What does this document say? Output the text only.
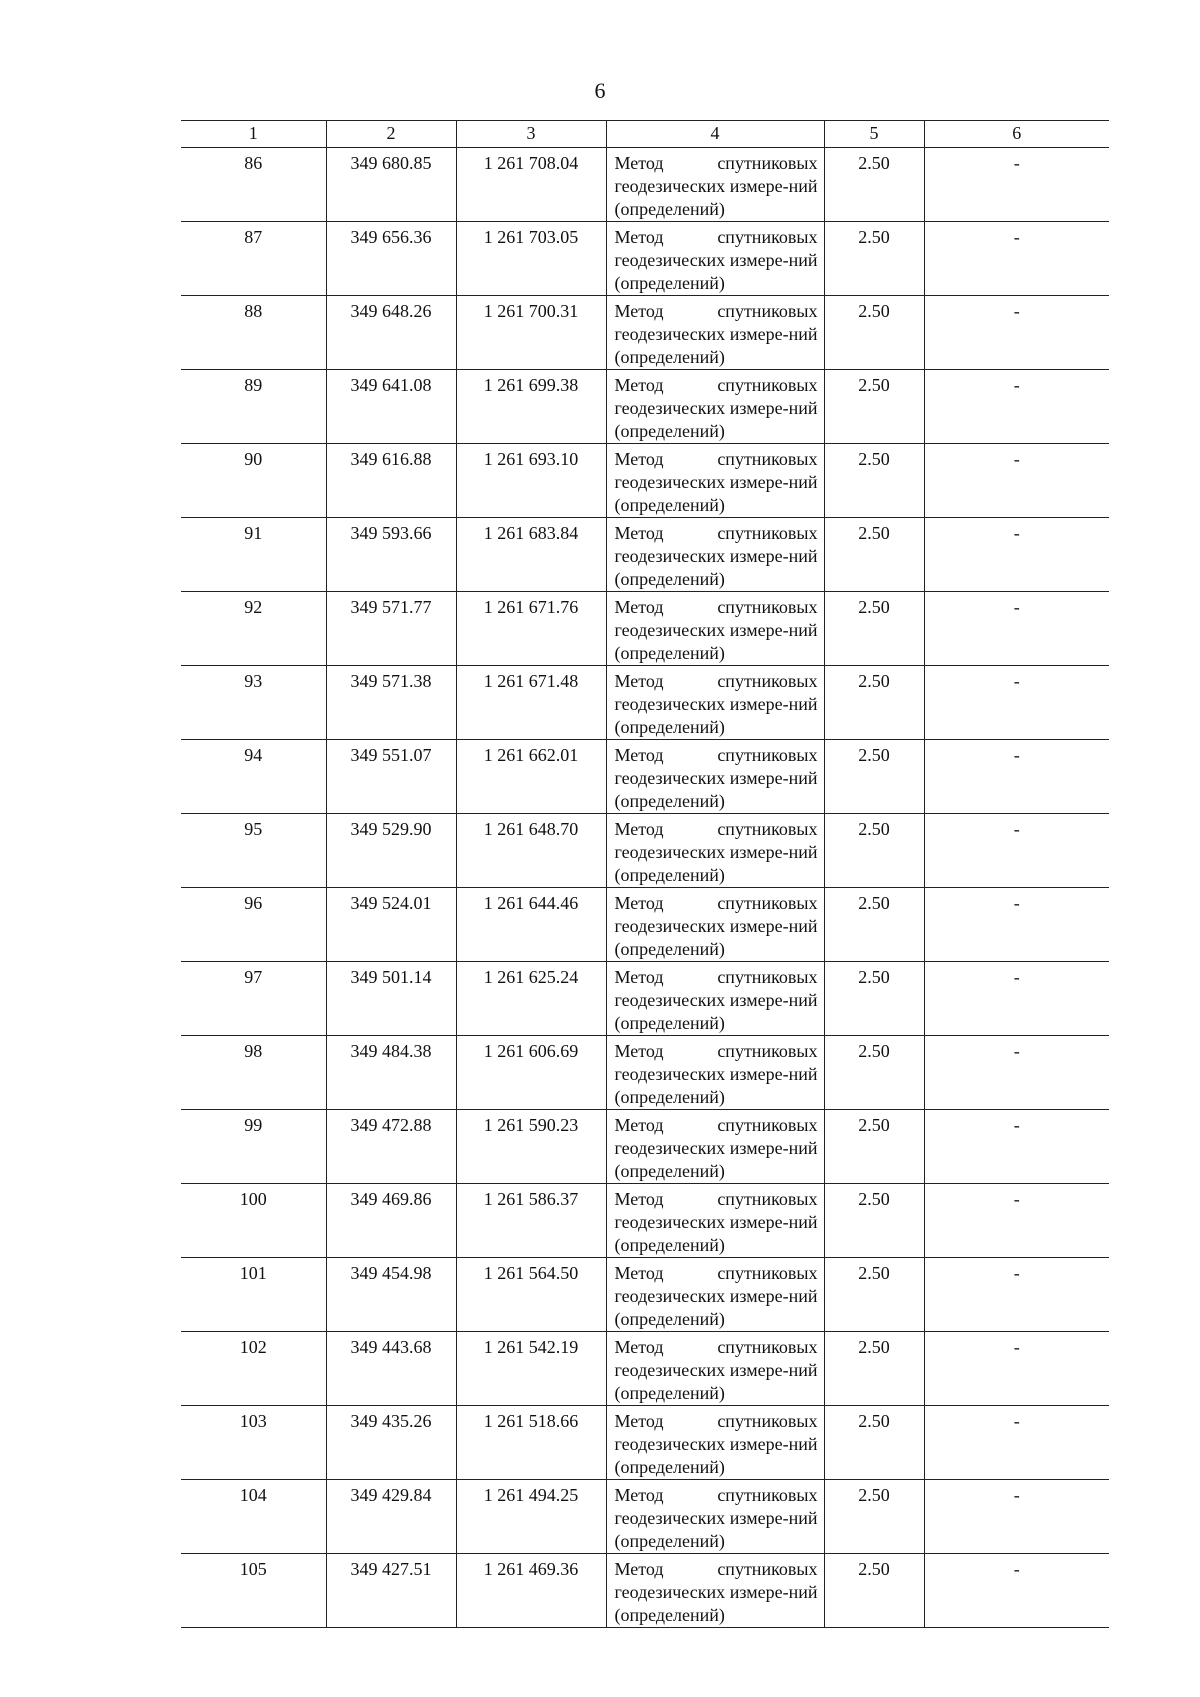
6
1	2	3	4	5	6
86	349 680.85	1 261 708.04	Метод спутниковых геодезических измере-ний (определений)	2.50	-
87	349 656.36	1 261 703.05	Метод спутниковых геодезических измере-ний (определений)	2.50	-
88	349 648.26	1 261 700.31	Метод спутниковых геодезических измере-ний (определений)	2.50	-
89	349 641.08	1 261 699.38	Метод спутниковых геодезических измере-ний (определений)	2.50	-
90	349 616.88	1 261 693.10	Метод спутниковых геодезических измере-ний (определений)	2.50	-
91	349 593.66	1 261 683.84	Метод спутниковых геодезических измере-ний (определений)	2.50	-
92	349 571.77	1 261 671.76	Метод спутниковых геодезических измере-ний (определений)	2.50	-
93	349 571.38	1 261 671.48	Метод спутниковых геодезических измере-ний (определений)	2.50	-
94	349 551.07	1 261 662.01	Метод спутниковых геодезических измере-ний (определений)	2.50	-
95	349 529.90	1 261 648.70	Метод спутниковых геодезических измере-ний (определений)	2.50	-
96	349 524.01	1 261 644.46	Метод спутниковых геодезических измере-ний (определений)	2.50	-
97	349 501.14	1 261 625.24	Метод спутниковых геодезических измере-ний (определений)	2.50	-
98	349 484.38	1 261 606.69	Метод спутниковых геодезических измере-ний (определений)	2.50	-
99	349 472.88	1 261 590.23	Метод спутниковых геодезических измере-ний (определений)	2.50	-
100	349 469.86	1 261 586.37	Метод спутниковых геодезических измере-ний (определений)	2.50	-
101	349 454.98	1 261 564.50	Метод спутниковых геодезических измере-ний (определений)	2.50	-
102	349 443.68	1 261 542.19	Метод спутниковых геодезических измере-ний (определений)	2.50	-
103	349 435.26	1 261 518.66	Метод спутниковых геодезических измере-ний (определений)	2.50	-
104	349 429.84	1 261 494.25	Метод спутниковых геодезических измере-ний (определений)	2.50	-
105	349 427.51	1 261 469.36	Метод спутниковых геодезических измере-ний (определений)	2.50	-
